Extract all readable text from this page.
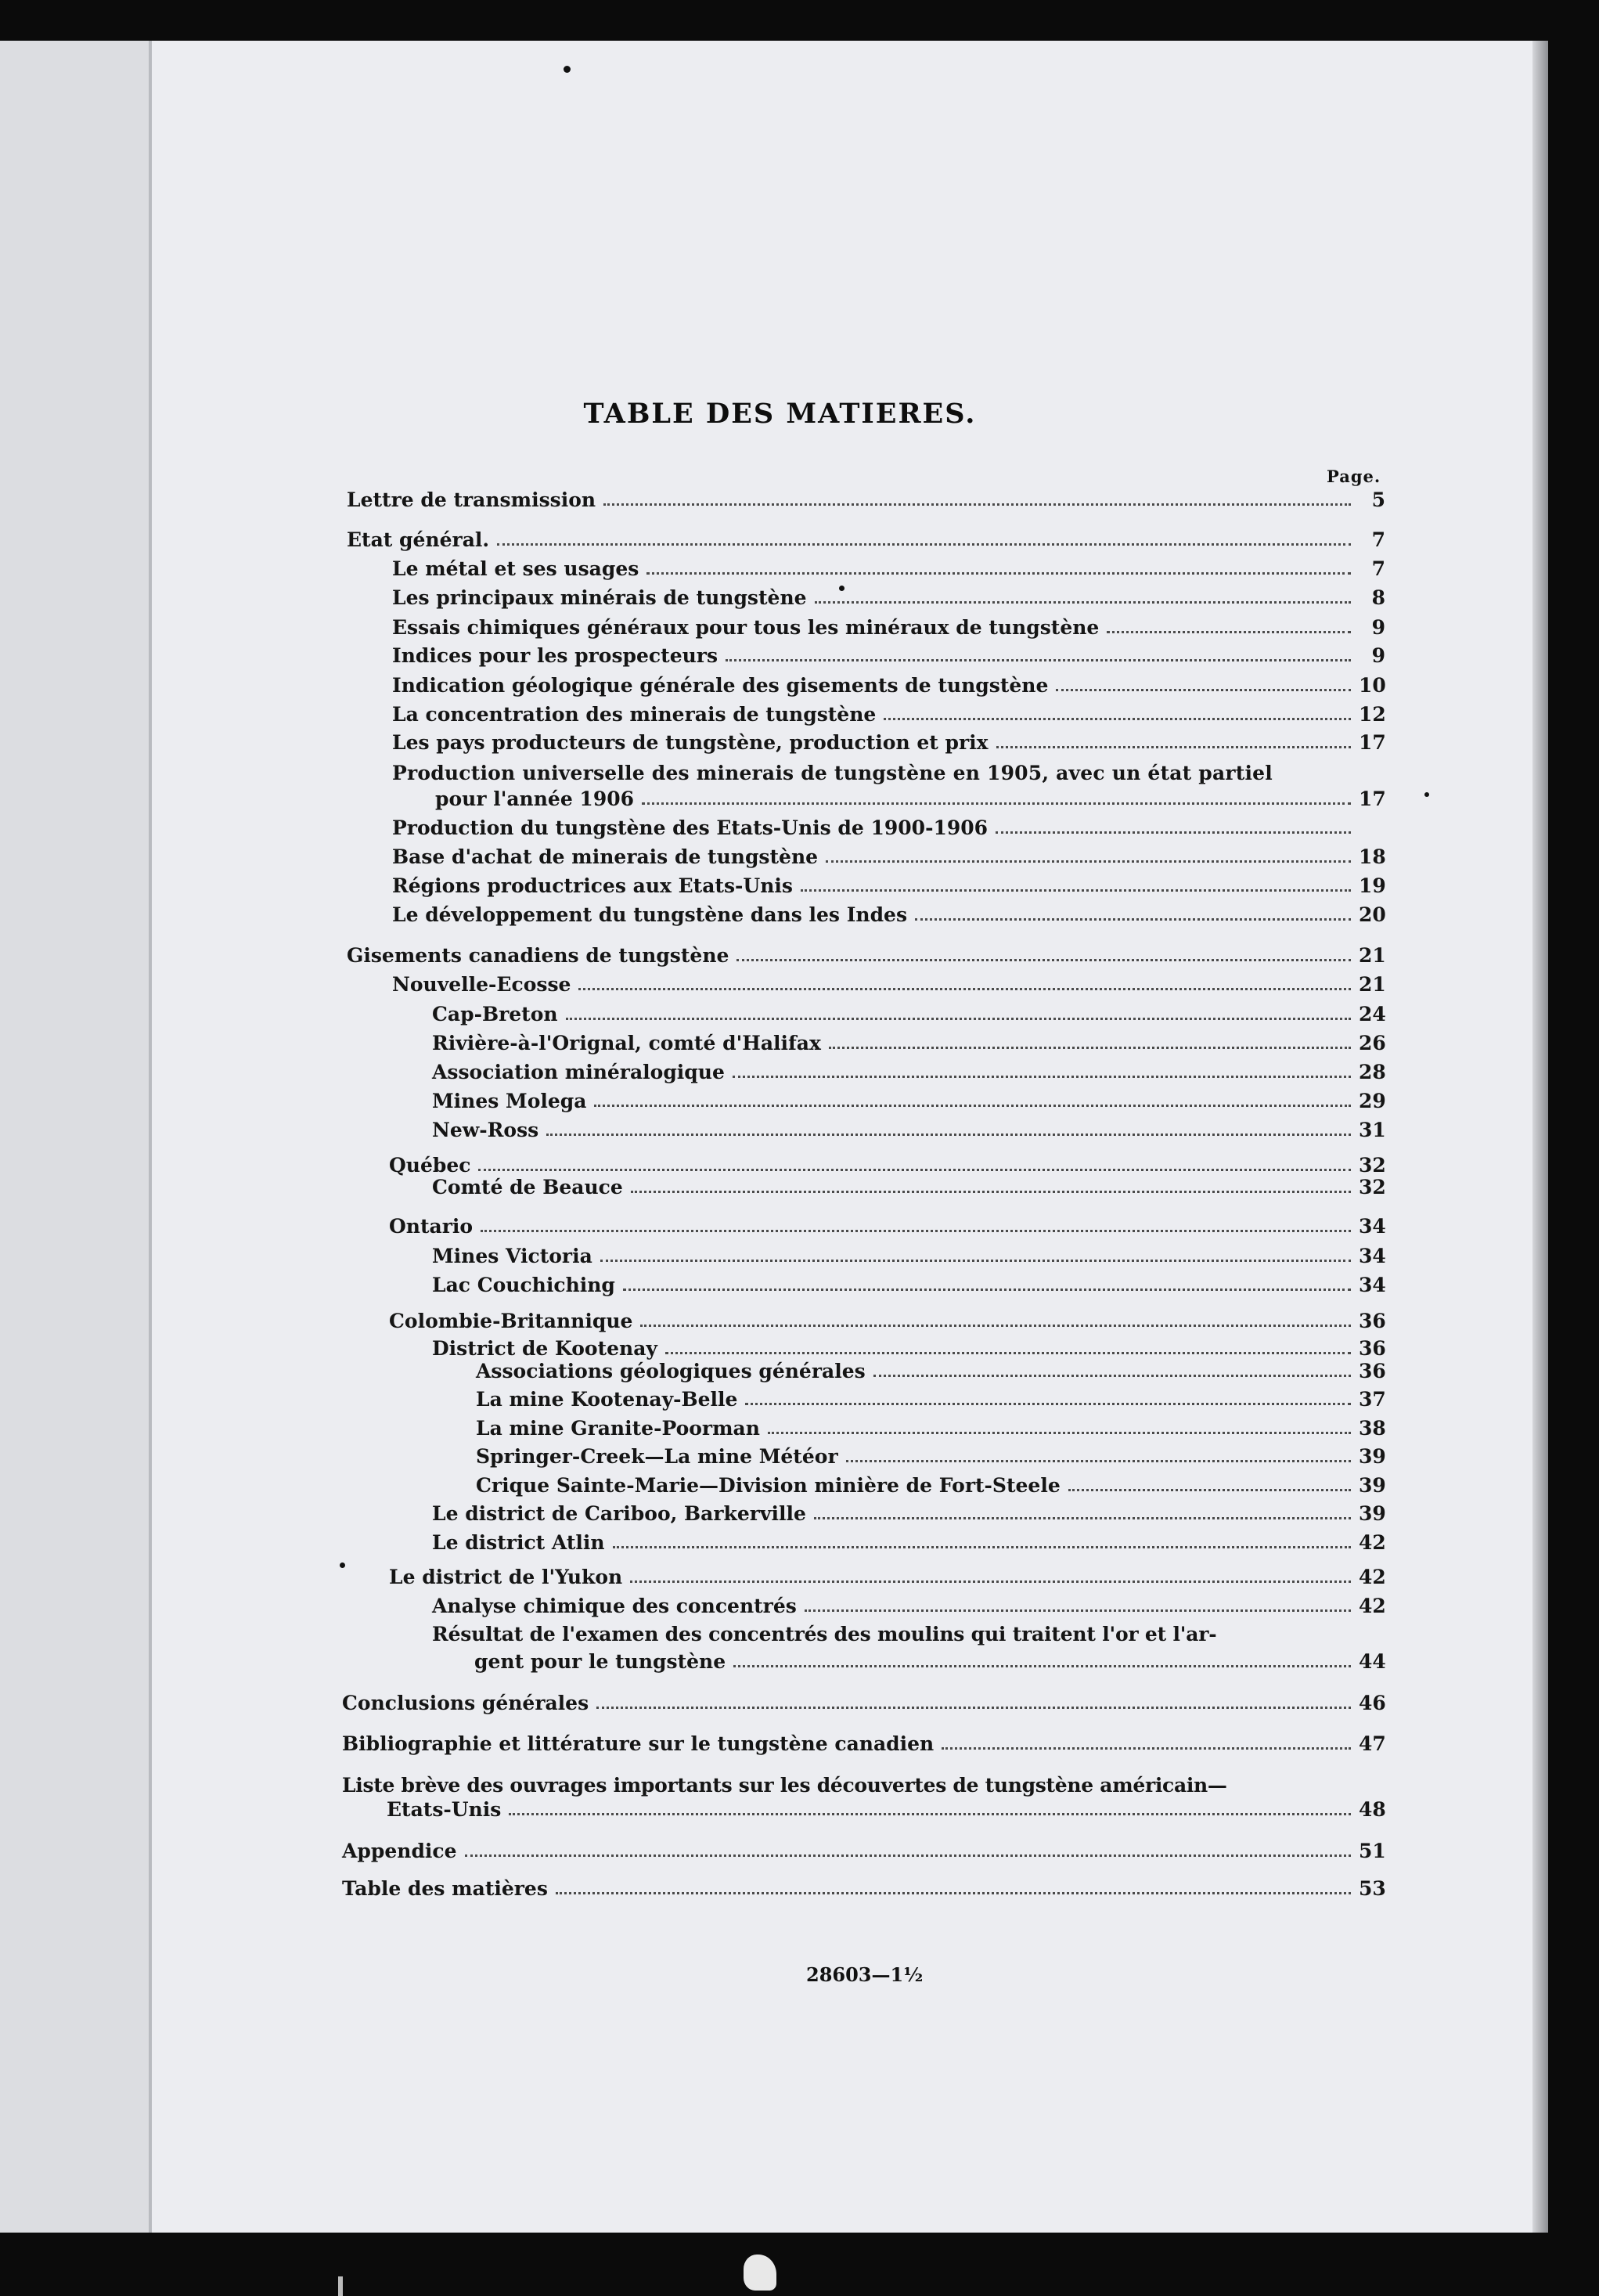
TABLE DES MATIERES.
Page.
Lettre de transmission	5
Etat général.	7
Le métal et ses usages	7
Les principaux minérais de tungstène	8
Essais chimiques généraux pour tous les minéraux de tungstène	9
Indices pour les prospecteurs	9
Indication géologique générale des gisements de tungstène	10
La concentration des minerais de tungstène	12
Les pays producteurs de tungstène, production et prix	17
Production universelle des minerais de tungstène en 1905, avec un état partiel
pour l'année 1906	17
Production du tungstène des Etats-Unis de 1900-1906
Base d'achat de minerais de tungstène	18
Régions productrices aux Etats-Unis	19
Le développement du tungstène dans les Indes	20
Gisements canadiens de tungstène	21
Nouvelle-Ecosse	21
Cap-Breton	24
Rivière-à-l'Orignal, comté d'Halifax	26
Association minéralogique	28
Mines Molega	29
New-Ross	31
Québec	32
Comté de Beauce	32
Ontario	34
Mines Victoria	34
Lac Couchiching	34
Colombie-Britannique	36
District de Kootenay	36
Associations géologiques générales	36
La mine Kootenay-Belle	37
La mine Granite-Poorman	38
Springer-Creek—La mine Météor	39
Crique Sainte-Marie—Division minière de Fort-Steele	39
Le district de Cariboo, Barkerville	39
Le district Atlin	42
Le district de l'Yukon	42
Analyse chimique des concentrés	42
Résultat de l'examen des concentrés des moulins qui traitent l'or et l'ar-
gent pour le tungstène	44
Conclusions générales	46
Bibliographie et littérature sur le tungstène canadien	47
Liste brève des ouvrages importants sur les découvertes de tungstène américain—
Etats-Unis	48
Appendice	51
Table des matières	53
28603—1½
